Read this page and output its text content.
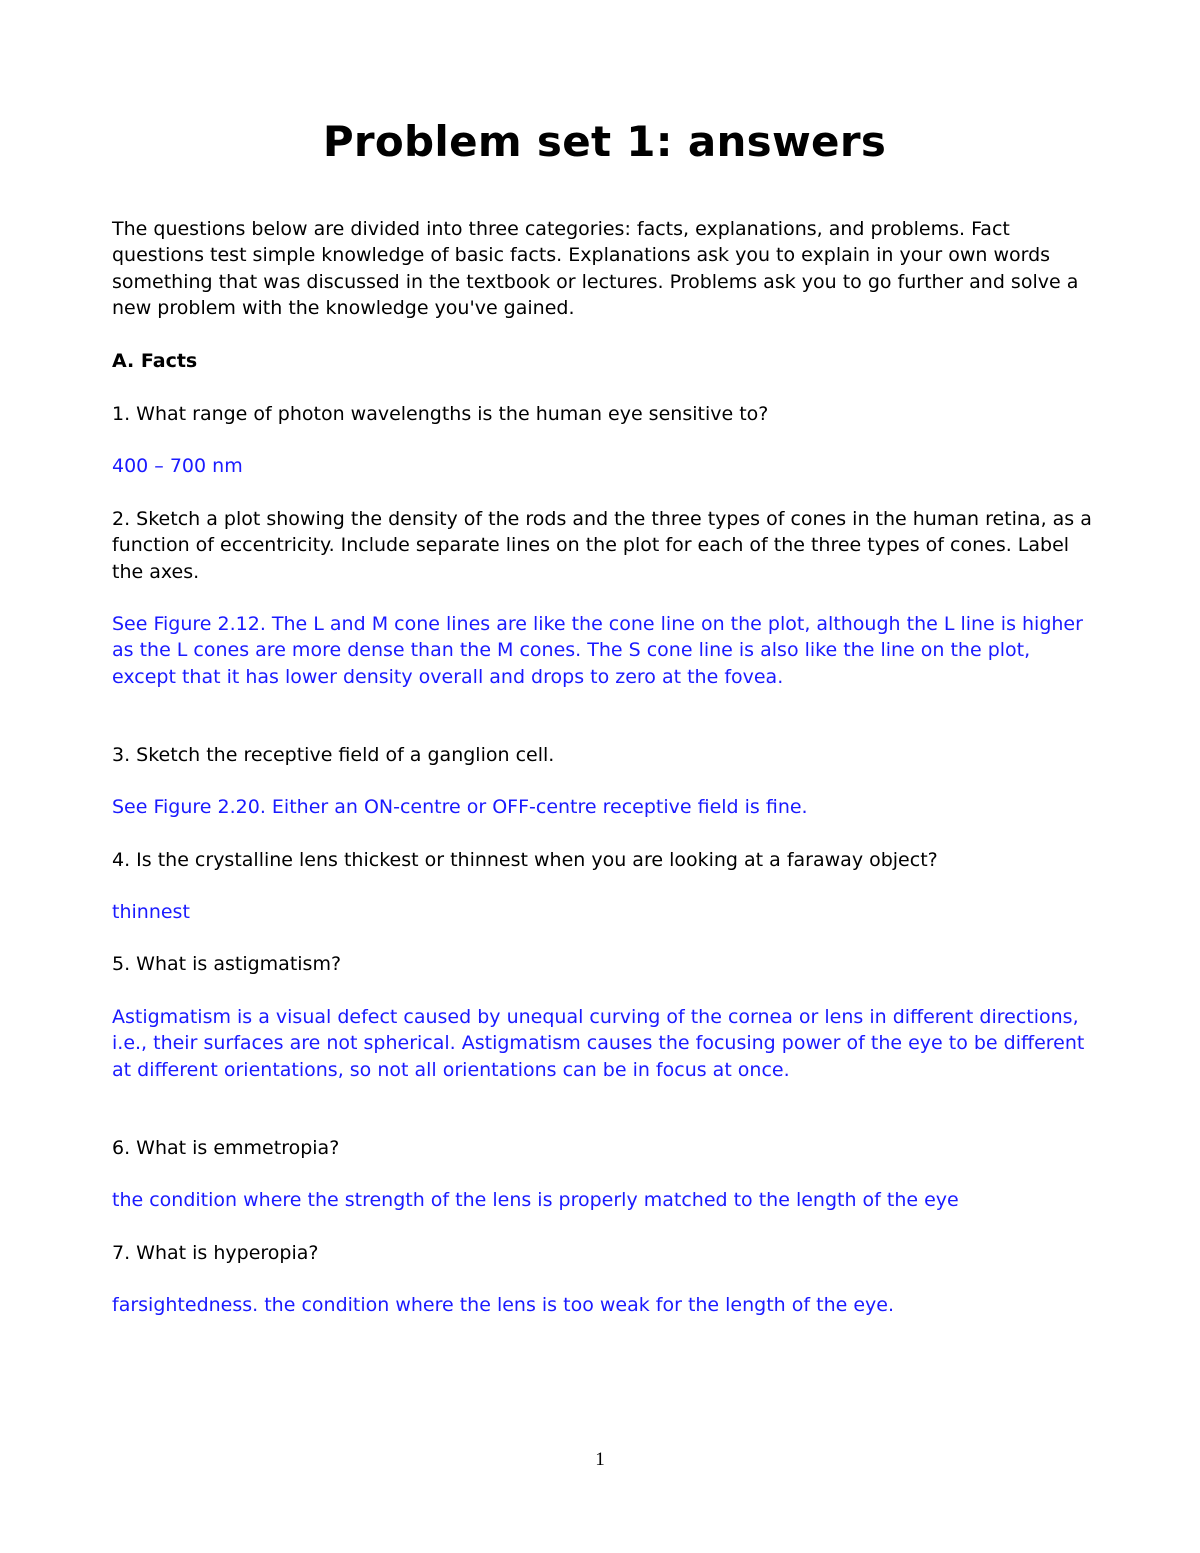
Problem set 1: answers

The questions below are divided into three categories: facts, explanations, and problems. Fact questions test simple knowledge of basic facts. Explanations ask you to explain in your own words something that was discussed in the textbook or lectures. Problems ask you to go further and solve a new problem with the knowledge you've gained.

A. Facts

1. What range of photon wavelengths is the human eye sensitive to?

400 – 700 nm

2. Sketch a plot showing the density of the rods and the three types of cones in the human retina, as a function of eccentricity. Include separate lines on the plot for each of the three types of cones. Label the axes.

See Figure 2.12. The L and M cone lines are like the cone line on the plot, although the L line is higher as the L cones are more dense than the M cones. The S cone line is also like the line on the plot, except that it has lower density overall and drops to zero at the fovea.

3. Sketch the receptive field of a ganglion cell.

See Figure 2.20. Either an ON-centre or OFF-centre receptive field is fine.

4. Is the crystalline lens thickest or thinnest when you are looking at a faraway object?

thinnest

5. What is astigmatism?

Astigmatism is a visual defect caused by unequal curving of the cornea or lens in different directions, i.e., their surfaces are not spherical. Astigmatism causes the focusing power of the eye to be different at different orientations, so not all orientations can be in focus at once.

6. What is emmetropia?

the condition where the strength of the lens is properly matched to the length of the eye

7. What is hyperopia?

farsightedness. the condition where the lens is too weak for the length of the eye.

1
